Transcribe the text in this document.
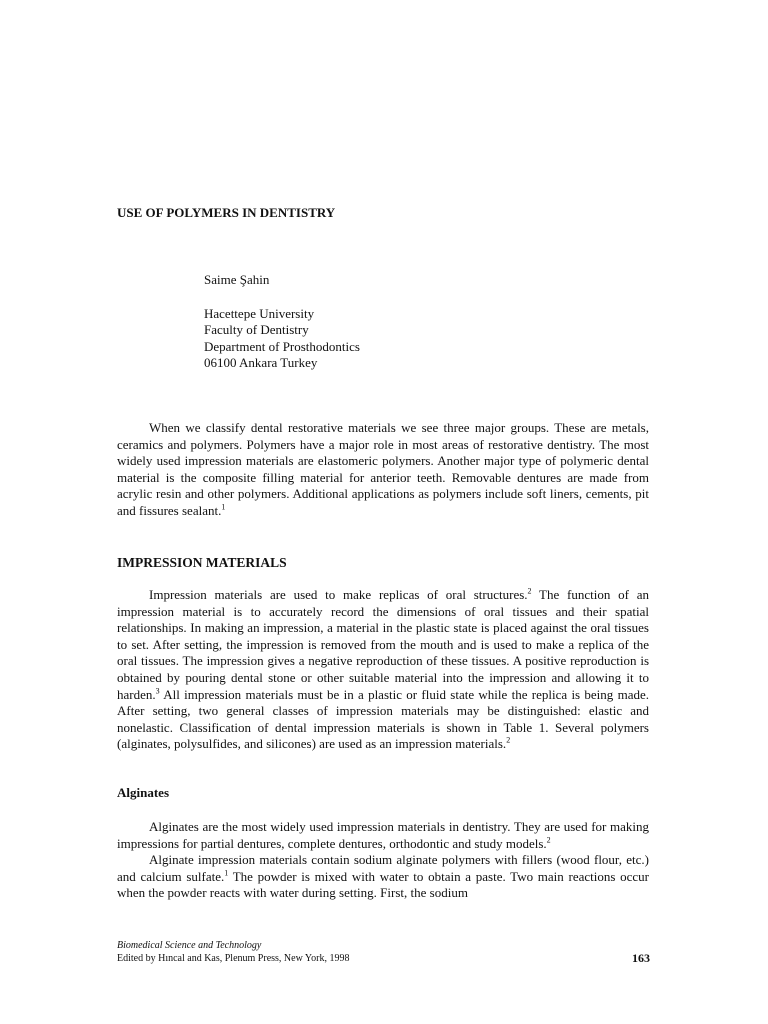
USE OF POLYMERS IN DENTISTRY
Saime Şahin
Hacettepe University
Faculty of Dentistry
Department of Prosthodontics
06100 Ankara Turkey

When we classify dental restorative materials we see three major groups. These are metals, ceramics and polymers. Polymers have a major role in most areas of restorative dentistry. The most widely used impression materials are elastomeric polymers. Another major type of polymeric dental material is the composite filling material for anterior teeth. Removable dentures are made from acrylic resin and other polymers. Additional applications as polymers include soft liners, cements, pit and fissures sealant.$^1$

IMPRESSION MATERIALS

Impression materials are used to make replicas of oral structures.$^2$ The function of an impression material is to accurately record the dimensions of oral tissues and their spatial relationships. In making an impression, a material in the plastic state is placed against the oral tissues to set. After setting, the impression is removed from the mouth and is used to make a replica of the oral tissues. The impression gives a negative reproduction of these tissues. A positive reproduction is obtained by pouring dental stone or other suitable material into the impression and allowing it to harden.$^3$ All impression materials must be in a plastic or fluid state while the replica is being made. After setting, two general classes of impression materials may be distinguished: elastic and nonelastic. Classification of dental impression materials is shown in Table 1. Several polymers (alginates, polysulfides, and silicones) are used as an impression materials.$^2$

Alginates

Alginates are the most widely used impression materials in dentistry. They are used for making impressions for partial dentures, complete dentures, orthodontic and study models.$^2$

Alginate impression materials contain sodium alginate polymers with fillers (wood flour, etc.) and calcium sulfate.$^1$ The powder is mixed with water to obtain a paste. Two main reactions occur when the powder reacts with water during setting. First, the sodium

Biomedical Science and Technology
Edited by Hıncal and Kas, Plenum Press, New York, 1998	163
